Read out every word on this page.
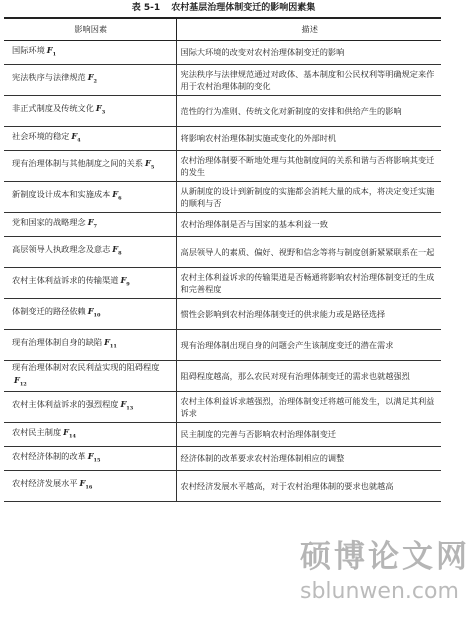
表 5-1 农村基层治理体制变迁的影响因素集
影响因素	描述
国际环境 $F_1$	国际大环境的改变对农村治理体制变迁的影响
宪法秩序与法律规范 $F_2$	宪法秩序与法律规范通过对政体、基本制度和公民权利等明确规定来作用于农村治理体制的变化
非正式制度及传统文化 $F_3$	范性的行为准则、传统文化对新制度的安排和供给产生的影响
社会环境的稳定 $F_4$	将影响农村治理体制实施或变化的外部时机
现有治理体制与其他制度之间的关系 $F_5$	农村治理体制要不断地处理与其他制度间的关系和谐与否将影响其变迁的发生
新制度设计成本和实施成本 $F_6$	从新制度的设计到新制度的实施都会消耗大量的成本，将决定变迁实施的顺利与否
党和国家的战略理念 $F_7$	农村治理体制是否与国家的基本利益一致
高层领导人执政理念及意志 $F_8$	高层领导人的素质、偏好、视野和信念等将与制度创新紧紧联系在一起
农村主体利益诉求的传输渠道 $F_9$	农村主体利益诉求的传输渠道是否畅通将影响农村治理体制变迁的生成和完善程度
体制变迁的路径依赖 $F_{10}$	惯性会影响到农村治理体制变迁的供求能力或是路径选择
现有治理体制自身的缺陷 $F_{11}$	现有治理体制出现自身的问题会产生该制度变迁的潜在需求
现有治理体制对农民利益实现的阻碍程度$F_{12}$	阻碍程度越高，那么农民对现有治理体制变迁的需求也就越强烈
农村主体利益诉求的强烈程度 $F_{13}$	农村主体利益诉求越强烈，治理体制变迁将越可能发生，以满足其利益诉求
农村民主制度 $F_{14}$	民主制度的完善与否影响农村治理体制变迁
农村经济体制的改革 $F_{15}$	经济体制的改革要求农村治理体制相应的调整
农村经济发展水平 $F_{16}$	农村经济发展水平越高，对于农村治理体制的要求也就越高
硕博论文网
sblunwen.com
